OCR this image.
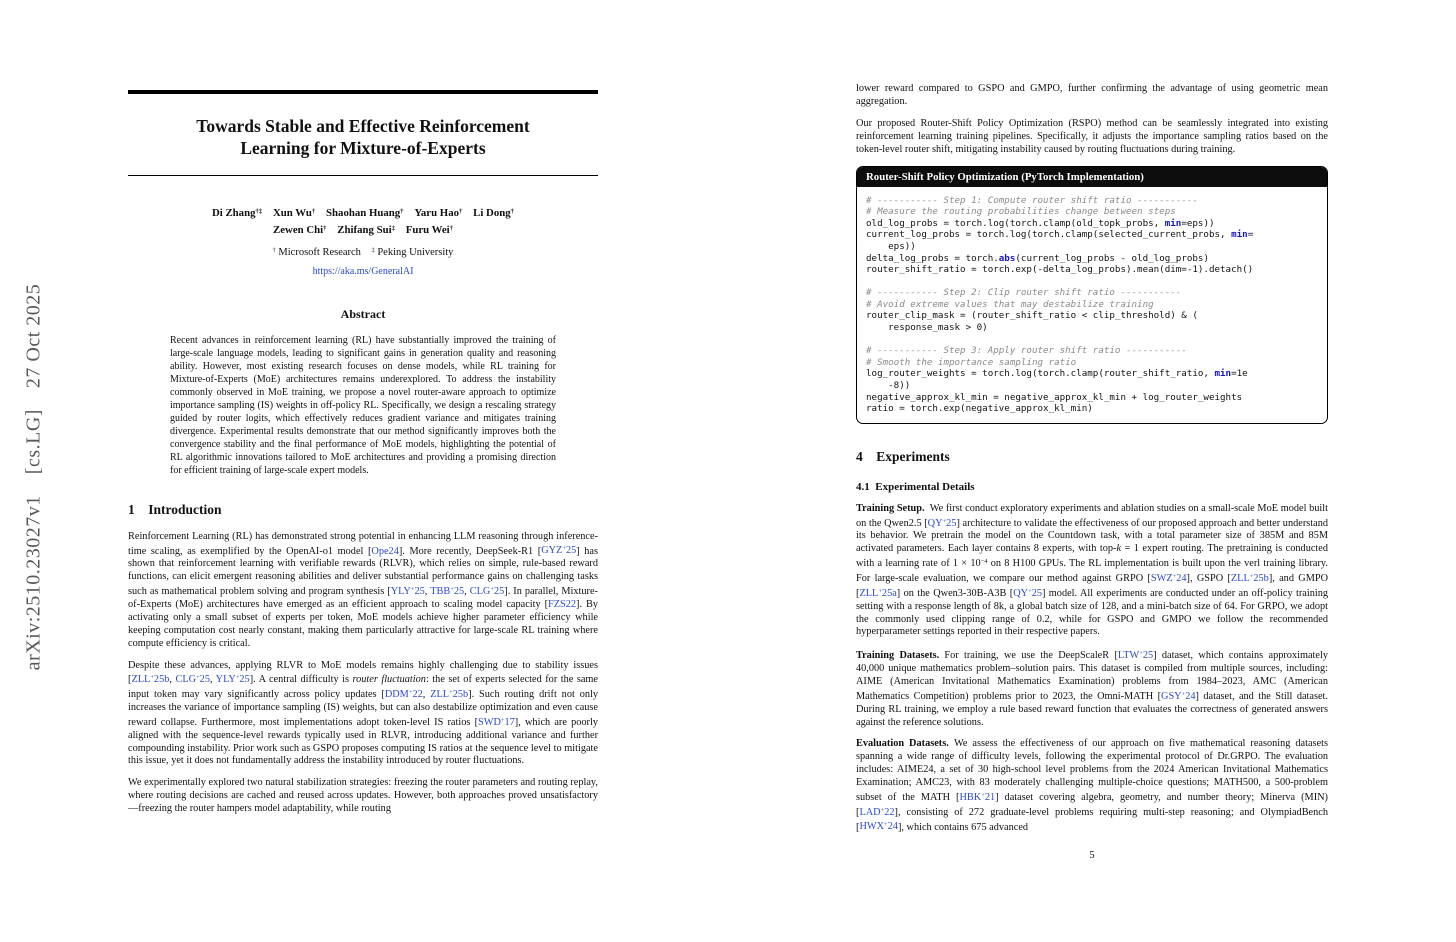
arXiv:2510.23027v1  [cs.LG]  27 Oct 2025
Towards Stable and Effective Reinforcement Learning for Mixture-of-Experts
Di Zhang†‡   Xun Wu†   Shaohan Huang†   Yaru Hao†   Li Dong†
Zewen Chi†   Zhifang Sui‡   Furu Wei†
† Microsoft Research  ‡ Peking University
https://aka.ms/GeneralAI
Abstract
Recent advances in reinforcement learning (RL) have substantially improved the training of large-scale language models, leading to significant gains in generation quality and reasoning ability. However, most existing research focuses on dense models, while RL training for Mixture-of-Experts (MoE) architectures remains underexplored. To address the instability commonly observed in MoE training, we propose a novel router-aware approach to optimize importance sampling (IS) weights in off-policy RL. Specifically, we design a rescaling strategy guided by router logits, which effectively reduces gradient variance and mitigates training divergence. Experimental results demonstrate that our method significantly improves both the convergence stability and the final performance of MoE models, highlighting the potential of RL algorithmic innovations tailored to MoE architectures and providing a promising direction for efficient training of large-scale expert models.
1 Introduction

Reinforcement Learning (RL) has demonstrated strong potential in enhancing LLM reasoning through inference-time scaling, as exemplified by the OpenAI-o1 model [Ope24]. More recently, DeepSeek-R1 [GYZ+25] has shown that reinforcement learning with verifiable rewards (RLVR), which relies on simple, rule-based reward functions, can elicit emergent reasoning abilities and deliver substantial performance gains on challenging tasks such as mathematical problem solving and program synthesis [YLY+25, TBB+25, CLG+25]. In parallel, Mixture-of-Experts (MoE) architectures have emerged as an efficient approach to scaling model capacity [FZS22]. By activating only a small subset of experts per token, MoE models achieve higher parameter efficiency while keeping computation cost nearly constant, making them particularly attractive for large-scale RL training where compute efficiency is critical.

Despite these advances, applying RLVR to MoE models remains highly challenging due to stability issues [ZLL+25b, CLG+25, YLY+25]. A central difficulty is router fluctuation: the set of experts selected for the same input token may vary significantly across policy updates [DDM+22, ZLL+25b]. Such routing drift not only increases the variance of importance sampling (IS) weights, but can also destabilize optimization and even cause reward collapse. Furthermore, most implementations adopt token-level IS ratios [SWD+17], which are poorly aligned with the sequence-level rewards typically used in RLVR, introducing additional variance and further compounding instability. Prior work such as GSPO proposes computing IS ratios at the sequence level to mitigate this issue, yet it does not fundamentally address the instability introduced by router fluctuations.

We experimentally explored two natural stabilization strategies: freezing the router parameters and routing replay, where routing decisions are cached and reused across updates. However, both approaches proved unsatisfactory—freezing the router hampers model adaptability, while routing

lower reward compared to GSPO and GMPO, further confirming the advantage of using geometric mean aggregation.

Our proposed Router-Shift Policy Optimization (RSPO) method can be seamlessly integrated into existing reinforcement learning training pipelines. Specifically, it adjusts the importance sampling ratios based on the token-level router shift, mitigating instability caused by routing fluctuations during training.

Router-Shift Policy Optimization (PyTorch Implementation)
# ----------- Step 1: Compute router shift ratio -----------
# Measure the routing probabilities change between steps
old_log_probs = torch.log(torch.clamp(old_topk_probs, min=eps))
current_log_probs = torch.log(torch.clamp(selected_current_probs, min=
eps))
delta_log_probs = torch.abs(current_log_probs - old_log_probs)
router_shift_ratio = torch.exp(-delta_log_probs).mean(dim=-1).detach()

# ----------- Step 2: Clip router shift ratio -----------
# Avoid extreme values that may destabilize training
router_clip_mask = (router_shift_ratio < clip_threshold) & (
response_mask > 0)

# ----------- Step 3: Apply router shift ratio -----------
# Smooth the importance sampling ratio
log_router_weights = torch.log(torch.clamp(router_shift_ratio, min=1e
-8))
negative_approx_kl_min = negative_approx_kl_min + log_router_weights
ratio = torch.exp(negative_approx_kl_min)
4 Experiments
4.1 Experimental Details

Training Setup. We first conduct exploratory experiments and ablation studies on a small-scale MoE model built on the Qwen2.5 [QY+25] architecture to validate the effectiveness of our proposed approach and better understand its behavior. We pretrain the model on the Countdown task, with a total parameter size of 385M and 85M activated parameters. Each layer contains 8 experts, with top-k = 1 expert routing. The pretraining is conducted with a learning rate of $1 \times 10^{-4}$ on 8 H100 GPUs. The RL implementation is built upon the verl training library. For large-scale evaluation, we compare our method against GRPO [SWZ+24], GSPO [ZLL+25b], and GMPO [ZLL+25a] on the Qwen3-30B-A3B [QY+25] model. All experiments are conducted under an off-policy training setting with a response length of 8k, a global batch size of 128, and a mini-batch size of 64. For GRPO, we adopt the commonly used clipping range of 0.2, while for GSPO and GMPO we follow the recommended hyperparameter settings reported in their respective papers.

Training Datasets. For training, we use the DeepScaleR [LTW+25] dataset, which contains approximately 40,000 unique mathematics problem–solution pairs. This dataset is compiled from multiple sources, including: AIME (American Invitational Mathematics Examination) problems from 1984–2023, AMC (American Mathematics Competition) problems prior to 2023, the Omni-MATH [GSY+24] dataset, and the Still dataset. During RL training, we employ a rule based reward function that evaluates the correctness of generated answers against the reference solutions.

Evaluation Datasets. We assess the effectiveness of our approach on five mathematical reasoning datasets spanning a wide range of difficulty levels, following the experimental protocol of Dr.GRPO. The evaluation includes: AIME24, a set of 30 high-school level problems from the 2024 American Invitational Mathematics Examination; AMC23, with 83 moderately challenging multiple-choice questions; MATH500, a 500-problem subset of the MATH [HBK+21] dataset covering algebra, geometry, and number theory; Minerva (MIN) [LAD+22], consisting of 272 graduate-level problems requiring multi-step reasoning; and OlympiadBench [HWX+24], which contains 675 advanced

5
